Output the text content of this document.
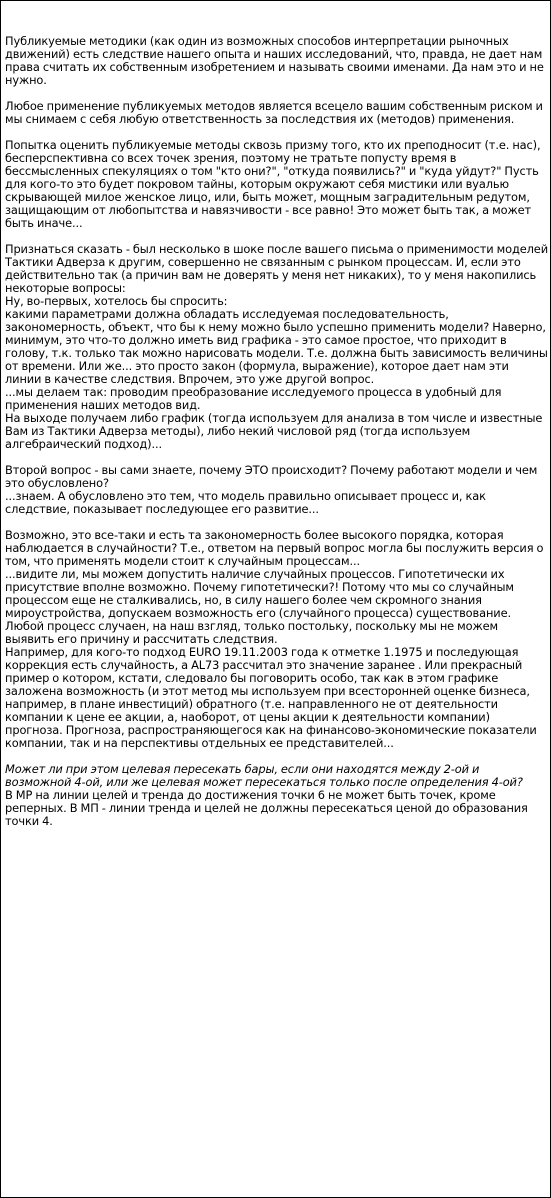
Публикуемые методики (как один из возможных способов интерпретации рыночных движений) есть следствие нашего опыта и наших исследований, что, правда, не дает нам права считать их собственным изобретением и называть своими именами. Да нам это и не нужно.
Любое применение публикуемых методов является всецело вашим собственным риском и мы снимаем с себя любую ответственность за последствия их (методов) применения.
Попытка оценить публикуемые методы сквозь призму того, кто их преподносит (т.е. нас), бесперспективна со всех точек зрения, поэтому не тратьте попусту время в бессмысленных спекуляциях о том "кто они?", "откуда появились?" и "куда уйдут?" Пусть для кого-то это будет покровом тайны, которым окружают себя мистики или вуалью скрывающей милое женское лицо, или, быть может, мощным заградительным редутом, защищающим от любопытства и навязчивости - все равно! Это может быть так, а может быть иначе...
Признаться сказать - был несколько в шоке после вашего письма о применимости моделей Тактики Адверза к другим, совершенно не связанным с рынком процессам. И, если это действительно так (а причин вам не доверять у меня нет никаких), то у меня накопились некоторые вопросы:
Ну, во-первых, хотелось бы спросить:
какими параметрами должна обладать исследуемая последовательность, закономерность, объект, что бы к нему можно было успешно применить модели? Наверно, минимум, это что-то должно иметь вид графика - это самое простое, что приходит в голову, т.к. только так можно нарисовать модели. Т.е. должна быть зависимость величины от времени. Или же... это просто закон (формула, выражение), которое дает нам эти линии в качестве следствия. Впрочем, это уже другой вопрос.
...мы делаем так: проводим преобразование исследуемого процесса в удобный для применения наших методов вид.
На выходе получаем либо график (тогда используем для анализа в том числе и известные Вам из Тактики Адверза методы), либо некий числовой ряд (тогда используем алгебраический подход)...
Второй вопрос - вы сами знаете, почему ЭТО происходит? Почему работают модели и чем это обусловлено?
...знаем. А обусловлено это тем, что модель правильно описывает процесс и, как следствие, показывает последующее его развитие...
Возможно, это все-таки и есть та закономерность более высокого порядка, которая наблюдается в случайности? Т.е., ответом на первый вопрос могла бы послужить версия о том, что применять модели стоит к случайным процессам...
...видите ли, мы можем допустить наличие случайных процессов. Гипотетически их присутствие вполне возможно. Почему гипотетически?! Потому что мы со случайным процессом еще не сталкивались, но, в силу нашего более чем скромного знания мироустройства, допускаем возможность его (случайного процесса) существование. Любой процесс случаен, на наш взгляд, только постольку, поскольку мы не можем выявить его причину и рассчитать следствия.
Например, для кого-то подход EURO 19.11.2003 года к отметке 1.1975 и последующая коррекция есть случайность, а AL73 рассчитал это значение заранее . Или прекрасный пример о котором, кстати, следовало бы поговорить особо, так как в этом графике заложена возможность (и этот метод мы используем при всесторонней оценке бизнеса, например, в плане инвестиций) обратного (т.е. направленного не от деятельности компании к цене ее акции, а, наоборот, от цены акции к деятельности компании) прогноза. Прогноза, распространяющегося как на финансово-экономические показатели компании, так и на перспективы отдельных ее представителей...
Может ли при этом целевая пересекать бары, если они находятся между 2-ой и возможной 4-ой, или же целевая может пересекаться только после определения 4-ой?
В МР на линии целей и тренда до достижения точки 6 не может быть точек, кроме реперных. В МП - линии тренда и целей не должны пересекаться ценой до образования точки 4.
